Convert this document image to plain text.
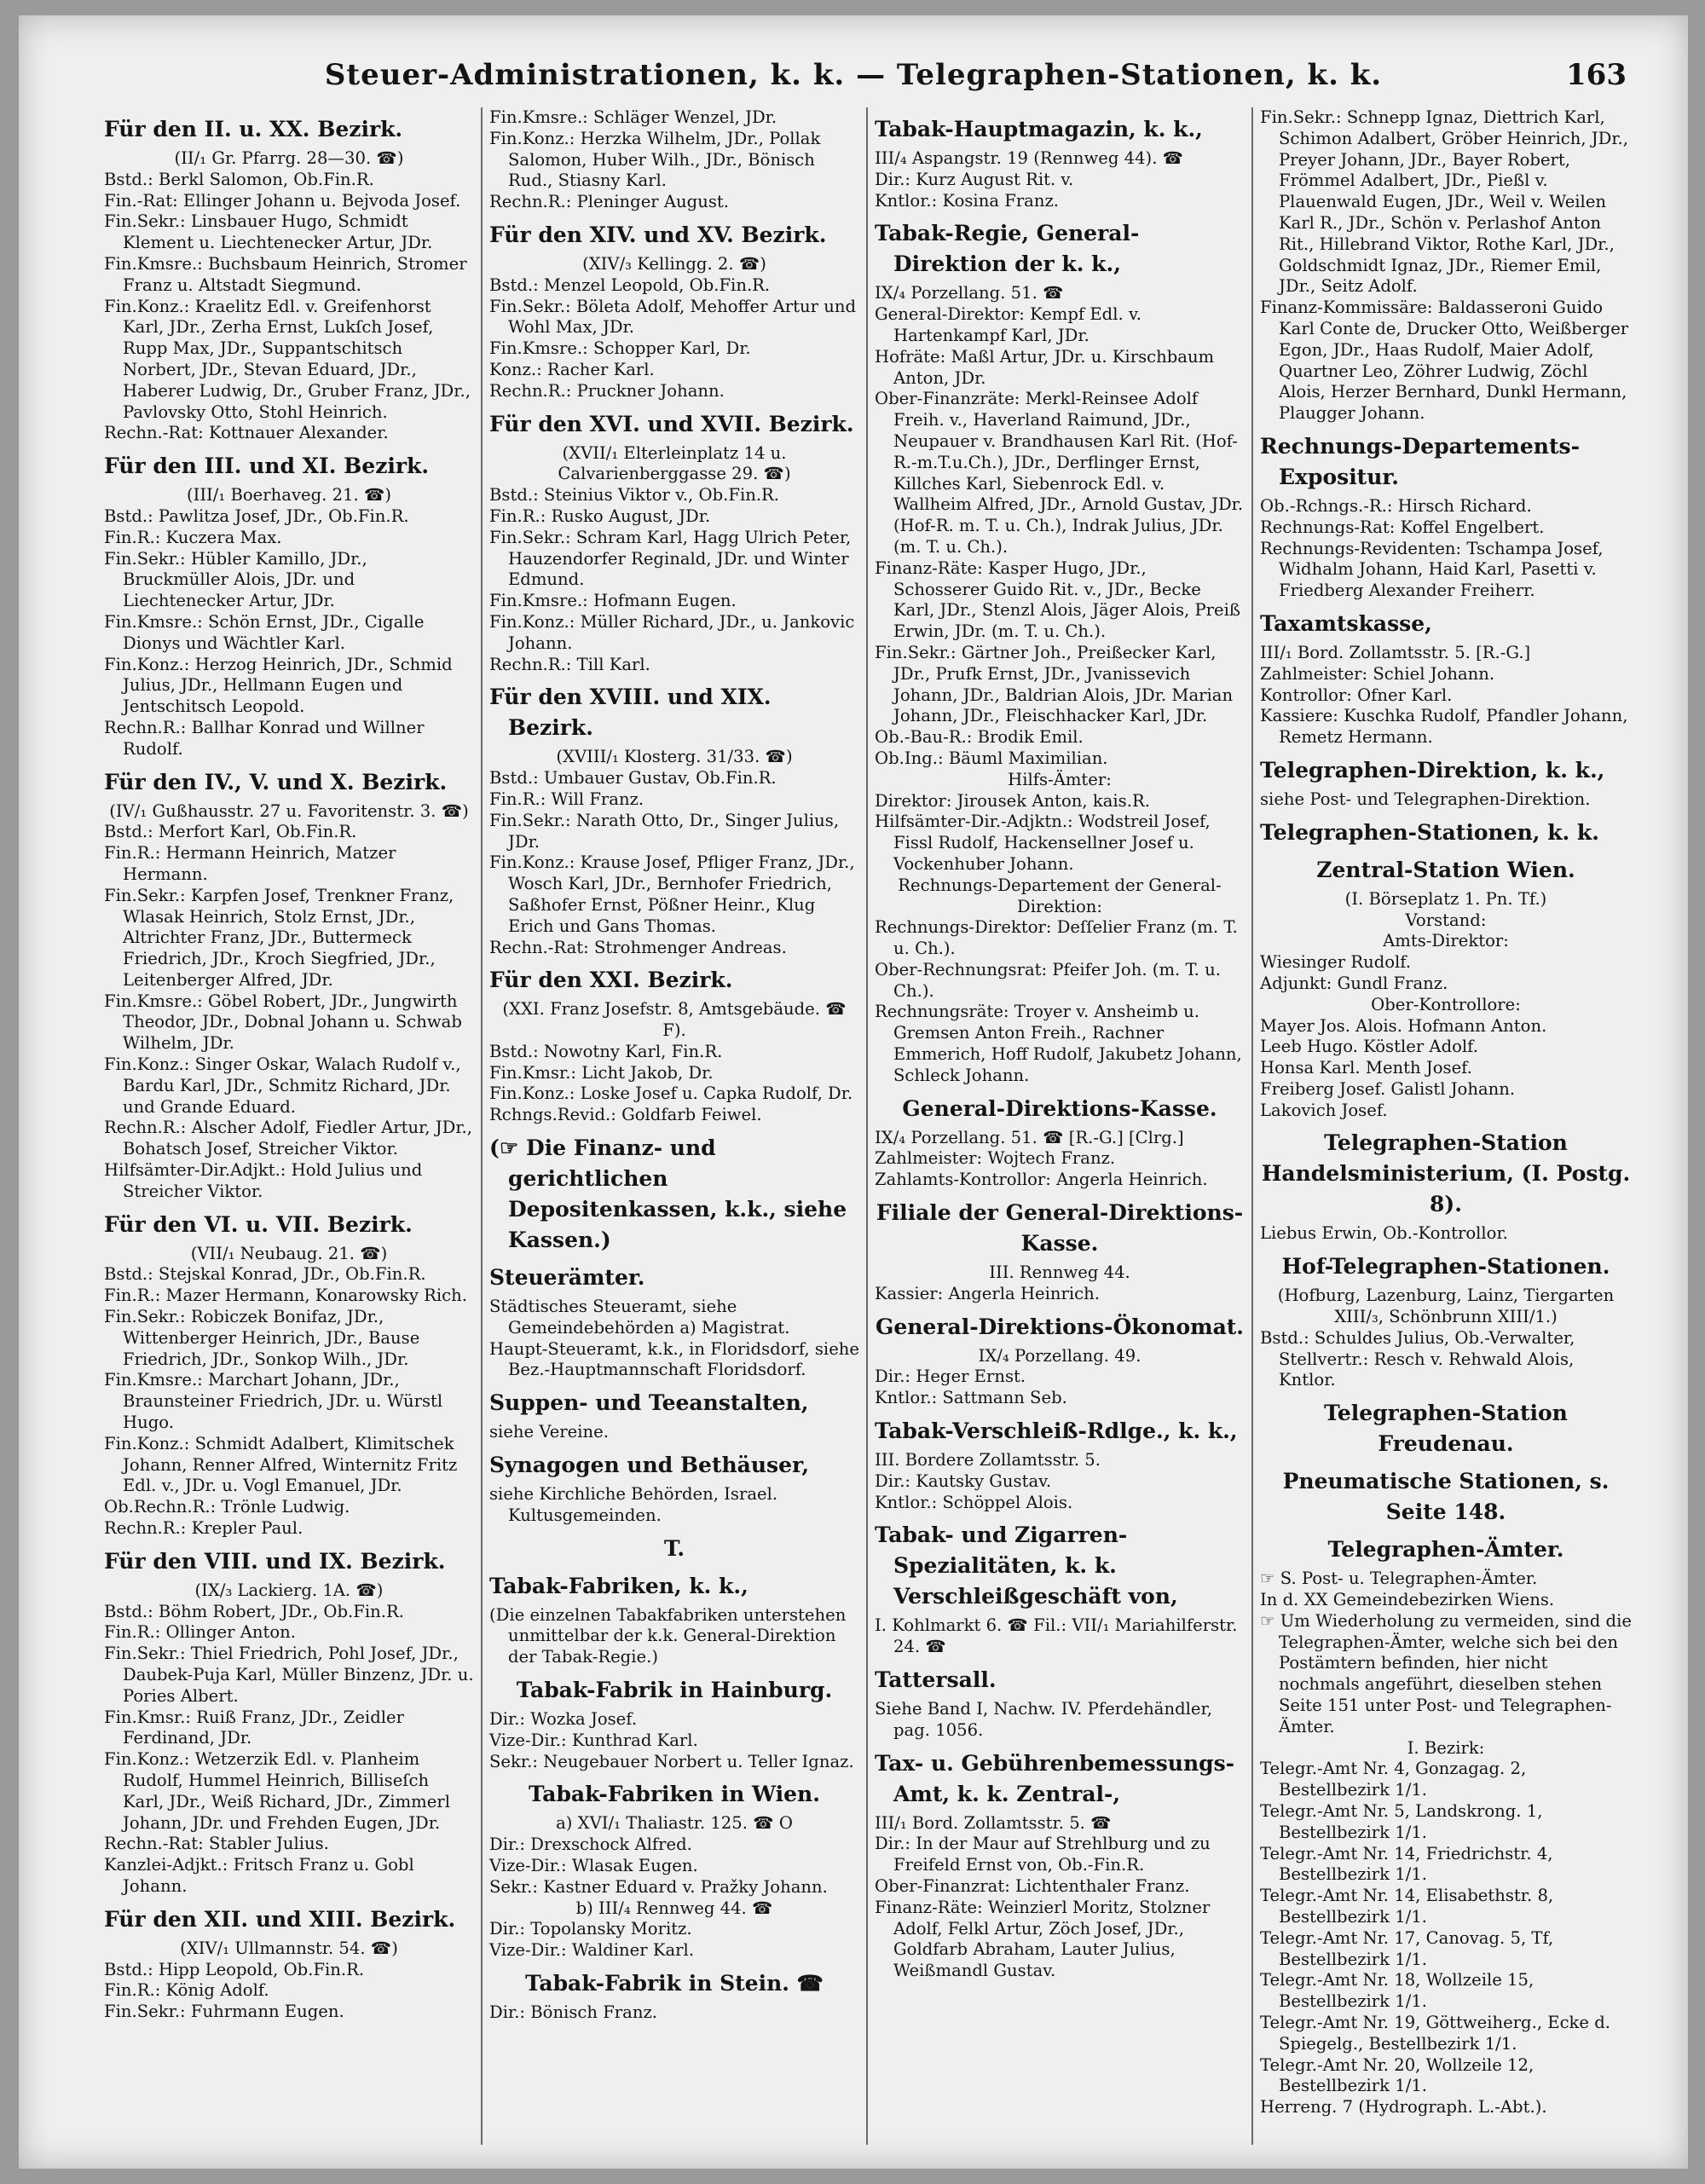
Steuer-Administrationen, k. k. — Telegraphen-Stationen, k. k.	163

Für den II. u. XX. Bezirk.

(II/₁ Gr. Pfarrg. 28—30. ☎)

Bstd.: Berkl Salomon, Ob.Fin.R.

Fin.-Rat: Ellinger Johann u. Bejvoda Josef.

Fin.Sekr.: Linsbauer Hugo, Schmidt Klement u. Liechtenecker Artur, JDr.

Fin.Kmsre.: Buchsbaum Heinrich, Stromer Franz u. Altstadt Siegmund.

Fin.Konz.: Kraelitz Edl. v. Greifenhorst Karl, JDr., Zerha Ernst, Lukſch Josef, Rupp Max, JDr., Suppantschitsch Norbert, JDr., Stevan Eduard, JDr., Haberer Ludwig, Dr., Gruber Franz, JDr., Pavlovsky Otto, Stohl Heinrich.

Rechn.-Rat: Kottnauer Alexander.

Für den III. und XI. Bezirk.

(III/₁ Boerhaveg. 21. ☎)

Bstd.: Pawlitza Josef, JDr., Ob.Fin.R.

Fin.R.: Kuczera Max.

Fin.Sekr.: Hübler Kamillo, JDr., Bruckmüller Alois, JDr. und Liechtenecker Artur, JDr.

Fin.Kmsre.: Schön Ernst, JDr., Cigalle Dionys und Wächtler Karl.

Fin.Konz.: Herzog Heinrich, JDr., Schmid Julius, JDr., Hellmann Eugen und Jentschitsch Leopold.

Rechn.R.: Ballhar Konrad und Willner Rudolf.

Für den IV., V. und X. Bezirk.

(IV/₁ Gußhausstr. 27 u. Favoritenstr. 3. ☎)

Bstd.: Merfort Karl, Ob.Fin.R.

Fin.R.: Hermann Heinrich, Matzer Hermann.

Fin.Sekr.: Karpfen Josef, Trenkner Franz, Wlasak Heinrich, Stolz Ernst, JDr., Altrichter Franz, JDr., Buttermeck Friedrich, JDr., Kroch Siegfried, JDr., Leitenberger Alfred, JDr.

Fin.Kmsre.: Göbel Robert, JDr., Jungwirth Theodor, JDr., Dobnal Johann u. Schwab Wilhelm, JDr.

Fin.Konz.: Singer Oskar, Walach Rudolf v., Bardu Karl, JDr., Schmitz Richard, JDr. und Grande Eduard.

Rechn.R.: Alscher Adolf, Fiedler Artur, JDr., Bohatsch Josef, Streicher Viktor.

Hilfsämter-Dir.Adjkt.: Hold Julius und Streicher Viktor.

Für den VI. u. VII. Bezirk.

(VII/₁ Neubaug. 21. ☎)

Bstd.: Stejskal Konrad, JDr., Ob.Fin.R.

Fin.R.: Mazer Hermann, Konarowsky Rich.

Fin.Sekr.: Robiczek Bonifaz, JDr., Wittenberger Heinrich, JDr., Bause Friedrich, JDr., Sonkop Wilh., JDr.

Fin.Kmsre.: Marchart Johann, JDr., Braunsteiner Friedrich, JDr. u. Würstl Hugo.

Fin.Konz.: Schmidt Adalbert, Klimitschek Johann, Renner Alfred, Winternitz Fritz Edl. v., JDr. u. Vogl Emanuel, JDr.

Ob.Rechn.R.: Trönle Ludwig.

Rechn.R.: Krepler Paul.

Für den VIII. und IX. Bezirk.

(IX/₃ Lackierg. 1A. ☎)

Bstd.: Böhm Robert, JDr., Ob.Fin.R.

Fin.R.: Ollinger Anton.

Fin.Sekr.: Thiel Friedrich, Pohl Josef, JDr., Daubek-Puja Karl, Müller Binzenz, JDr. u. Pories Albert.

Fin.Kmsr.: Ruiß Franz, JDr., Zeidler Ferdinand, JDr.

Fin.Konz.: Wetzerzik Edl. v. Planheim Rudolf, Hummel Heinrich, Billiseſch Karl, JDr., Weiß Richard, JDr., Zimmerl Johann, JDr. und Frehden Eugen, JDr.

Rechn.-Rat: Stabler Julius.

Kanzlei-Adjkt.: Fritsch Franz u. Gobl Johann.

Für den XII. und XIII. Bezirk.

(XIV/₁ Ullmannstr. 54. ☎)

Bstd.: Hipp Leopold, Ob.Fin.R.

Fin.R.: König Adolf.

Fin.Sekr.: Fuhrmann Eugen.

Fin.Kmsre.: Schläger Wenzel, JDr.

Fin.Konz.: Herzka Wilhelm, JDr., Pollak Salomon, Huber Wilh., JDr., Bönisch Rud., Stiasny Karl.

Rechn.R.: Pleninger August.

Für den XIV. und XV. Bezirk.

(XIV/₃ Kellingg. 2. ☎)

Bstd.: Menzel Leopold, Ob.Fin.R.

Fin.Sekr.: Böleta Adolf, Mehoffer Artur und Wohl Max, JDr.

Fin.Kmsre.: Schopper Karl, Dr.

Konz.: Racher Karl.

Rechn.R.: Pruckner Johann.

Für den XVI. und XVII. Bezirk.

(XVII/₁ Elterleinplatz 14 u. Calvarienberggasse 29. ☎)

Bstd.: Steinius Viktor v., Ob.Fin.R.

Fin.R.: Rusko August, JDr.

Fin.Sekr.: Schram Karl, Hagg Ulrich Peter, Hauzendorfer Reginald, JDr. und Winter Edmund.

Fin.Kmsre.: Hofmann Eugen.

Fin.Konz.: Müller Richard, JDr., u. Jankovic Johann.

Rechn.R.: Till Karl.

Für den XVIII. und XIX. Bezirk.

(XVIII/₁ Klosterg. 31/33. ☎)

Bstd.: Umbauer Gustav, Ob.Fin.R.

Fin.R.: Will Franz.

Fin.Sekr.: Narath Otto, Dr., Singer Julius, JDr.

Fin.Konz.: Krause Josef, Pfliger Franz, JDr., Wosch Karl, JDr., Bernhofer Friedrich, Saßhofer Ernst, Pößner Heinr., Klug Erich und Gans Thomas.

Rechn.-Rat: Strohmenger Andreas.

Für den XXI. Bezirk.

(XXI. Franz Josefstr. 8, Amtsgebäude. ☎ F).

Bstd.: Nowotny Karl, Fin.R.

Fin.Kmsr.: Licht Jakob, Dr.

Fin.Konz.: Loske Josef u. Capka Rudolf, Dr.

Rchngs.Revid.: Goldfarb Feiwel.

(☞ Die Finanz- und gerichtlichen Depositenkassen, k.k., siehe Kassen.)

Steuerämter.

Städtisches Steueramt, siehe Gemeindebehörden a) Magistrat.

Haupt-Steueramt, k.k., in Floridsdorf, siehe Bez.-Hauptmannschaft Floridsdorf.

Suppen- und Teeanstalten,

siehe Vereine.

Synagogen und Bethäuser,

siehe Kirchliche Behörden, Israel. Kultusgemeinden.

T.

Tabak-Fabriken, k. k.,

(Die einzelnen Tabakfabriken unterstehen unmittelbar der k.k. General-Direktion der Tabak-Regie.)

Tabak-Fabrik in Hainburg.

Dir.: Wozka Josef.

Vize-Dir.: Kunthrad Karl.

Sekr.: Neugebauer Norbert u. Teller Ignaz.

Tabak-Fabriken in Wien.

a) XVI/₁ Thaliastr. 125. ☎ O

Dir.: Drexschock Alfred.

Vize-Dir.: Wlasak Eugen.

Sekr.: Kastner Eduard v. Pražky Johann.

b) III/₄ Rennweg 44. ☎

Dir.: Topolansky Moritz.

Vize-Dir.: Waldiner Karl.

Tabak-Fabrik in Stein. ☎

Dir.: Bönisch Franz.

Tabak-Hauptmagazin, k. k.,

III/₄ Aspangstr. 19 (Rennweg 44). ☎

Dir.: Kurz August Rit. v.

Kntlor.: Kosina Franz.

Tabak-Regie, General-Direktion der k. k.,

IX/₄ Porzellang. 51. ☎

General-Direktor: Kempf Edl. v. Hartenkampf Karl, JDr.

Hofräte: Maßl Artur, JDr. u. Kirschbaum Anton, JDr.

Ober-Finanzräte: Merkl-Reinsee Adolf Freih. v., Haverland Raimund, JDr., Neupauer v. Brandhausen Karl Rit. (Hof-R.-m.T.u.Ch.), JDr., Derflinger Ernst, Killches Karl, Siebenrock Edl. v. Wallheim Alfred, JDr., Arnold Gustav, JDr. (Hof-R. m. T. u. Ch.), Indrak Julius, JDr. (m. T. u. Ch.).

Finanz-Räte: Kasper Hugo, JDr., Schosserer Guido Rit. v., JDr., Becke Karl, JDr., Stenzl Alois, Jäger Alois, Preiß Erwin, JDr. (m. T. u. Ch.).

Fin.Sekr.: Gärtner Joh., Preißecker Karl, JDr., Prufk Ernst, JDr., Jvanissevich Johann, JDr., Baldrian Alois, JDr. Marian Johann, JDr., Fleischhacker Karl, JDr.

Ob.-Bau-R.: Brodik Emil.

Ob.Ing.: Bäuml Maximilian.

Hilfs-Ämter:

Direktor: Jirousek Anton, kais.R.

Hilfsämter-Dir.-Adjktn.: Wodstreil Josef, Fissl Rudolf, Hackensellner Josef u. Vockenhuber Johann.

Rechnungs-Departement der General-Direktion:

Rechnungs-Direktor: Deſſelier Franz (m. T. u. Ch.).

Ober-Rechnungsrat: Pfeifer Joh. (m. T. u. Ch.).

Rechnungsräte: Troyer v. Ansheimb u. Gremsen Anton Freih., Rachner Emmerich, Hoff Rudolf, Jakubetz Johann, Schleck Johann.

General-Direktions-Kasse.

IX/₄ Porzellang. 51. ☎ [R.-G.] [Clrg.]

Zahlmeister: Wojtech Franz.

Zahlamts-Kontrollor: Angerla Heinrich.

Filiale der General-Direktions-Kasse.

III. Rennweg 44.

Kassier: Angerla Heinrich.

General-Direktions-Ökonomat.

IX/₄ Porzellang. 49.

Dir.: Heger Ernst.

Kntlor.: Sattmann Seb.

Tabak-Verschleiß-Rdlge., k. k.,

III. Bordere Zollamtsstr. 5.

Dir.: Kautsky Gustav.

Kntlor.: Schöppel Alois.

Tabak- und Zigarren-Spezialitäten, k. k. Verschleißgeschäft von,

I. Kohlmarkt 6. ☎ Fil.: VII/₁ Mariahilferstr. 24. ☎

Tattersall.

Siehe Band I, Nachw. IV. Pferdehändler, pag. 1056.

Tax- u. Gebührenbemessungs-Amt, k. k. Zentral-,

III/₁ Bord. Zollamtsstr. 5. ☎

Dir.: In der Maur auf Strehlburg und zu Freifeld Ernst von, Ob.-Fin.R.

Ober-Finanzrat: Lichtenthaler Franz.

Finanz-Räte: Weinzierl Moritz, Stolzner Adolf, Felkl Artur, Zöch Josef, JDr., Goldfarb Abraham, Lauter Julius, Weißmandl Gustav.

Fin.Sekr.: Schnepp Ignaz, Diettrich Karl, Schimon Adalbert, Gröber Heinrich, JDr., Preyer Johann, JDr., Bayer Robert, Frömmel Adalbert, JDr., Pießl v. Plauenwald Eugen, JDr., Weil v. Weilen Karl R., JDr., Schön v. Perlashof Anton Rit., Hillebrand Viktor, Rothe Karl, JDr., Goldschmidt Ignaz, JDr., Riemer Emil, JDr., Seitz Adolf.

Finanz-Kommissäre: Baldasseroni Guido Karl Conte de, Drucker Otto, Weißberger Egon, JDr., Haas Rudolf, Maier Adolf, Quartner Leo, Zöhrer Ludwig, Zöchl Alois, Herzer Bernhard, Dunkl Hermann, Plaugger Johann.

Rechnungs-Departements-Expositur.

Ob.-Rchngs.-R.: Hirsch Richard.

Rechnungs-Rat: Koffel Engelbert.

Rechnungs-Revidenten: Tschampa Josef, Widhalm Johann, Haid Karl, Pasetti v. Friedberg Alexander Freiherr.

Taxamtskasse,

III/₁ Bord. Zollamtsstr. 5. [R.-G.]

Zahlmeister: Schiel Johann.

Kontrollor: Ofner Karl.

Kassiere: Kuschka Rudolf, Pfandler Johann, Remetz Hermann.

Telegraphen-Direktion, k. k.,

siehe Post- und Telegraphen-Direktion.

Telegraphen-Stationen, k. k.

Zentral-Station Wien.

(I. Börseplatz 1. Pn. Tf.)

Vorstand:

Amts-Direktor:

Wiesinger Rudolf.

Adjunkt: Gundl Franz.

Ober-Kontrollore:

Mayer Jos. Alois. Hofmann Anton.

Leeb Hugo. Köstler Adolf.

Honsa Karl. Menth Josef.

Freiberg Josef. Galistl Johann.

Lakovich Josef.

Telegraphen-Station Handelsministerium, (I. Postg. 8).

Liebus Erwin, Ob.-Kontrollor.

Hof-Telegraphen-Stationen.

(Hofburg, Lazenburg, Lainz, Tiergarten XIII/₃, Schönbrunn XIII/1.)

Bstd.: Schuldes Julius, Ob.-Verwalter, Stellvertr.: Resch v. Rehwald Alois, Kntlor.

Telegraphen-Station Freudenau.

Pneumatische Stationen, s. Seite 148.

Telegraphen-Ämter.

☞ S. Post- u. Telegraphen-Ämter.

In d. XX Gemeindebezirken Wiens.

☞ Um Wiederholung zu vermeiden, sind die Telegraphen-Ämter, welche sich bei den Postämtern befinden, hier nicht nochmals angeführt, dieselben stehen Seite 151 unter Post- und Telegraphen-Ämter.

I. Bezirk:

Telegr.-Amt Nr. 4, Gonzagag. 2, Bestellbezirk 1/1.

Telegr.-Amt Nr. 5, Landskrong. 1, Bestellbezirk 1/1.

Telegr.-Amt Nr. 14, Friedrichstr. 4, Bestellbezirk 1/1.

Telegr.-Amt Nr. 14, Elisabethstr. 8, Bestellbezirk 1/1.

Telegr.-Amt Nr. 17, Canovag. 5, Tf, Bestellbezirk 1/1.

Telegr.-Amt Nr. 18, Wollzeile 15, Bestellbezirk 1/1.

Telegr.-Amt Nr. 19, Göttweiherg., Ecke d. Spiegelg., Bestellbezirk 1/1.

Telegr.-Amt Nr. 20, Wollzeile 12, Bestellbezirk 1/1.

Herreng. 7 (Hydrograph. L.-Abt.).
